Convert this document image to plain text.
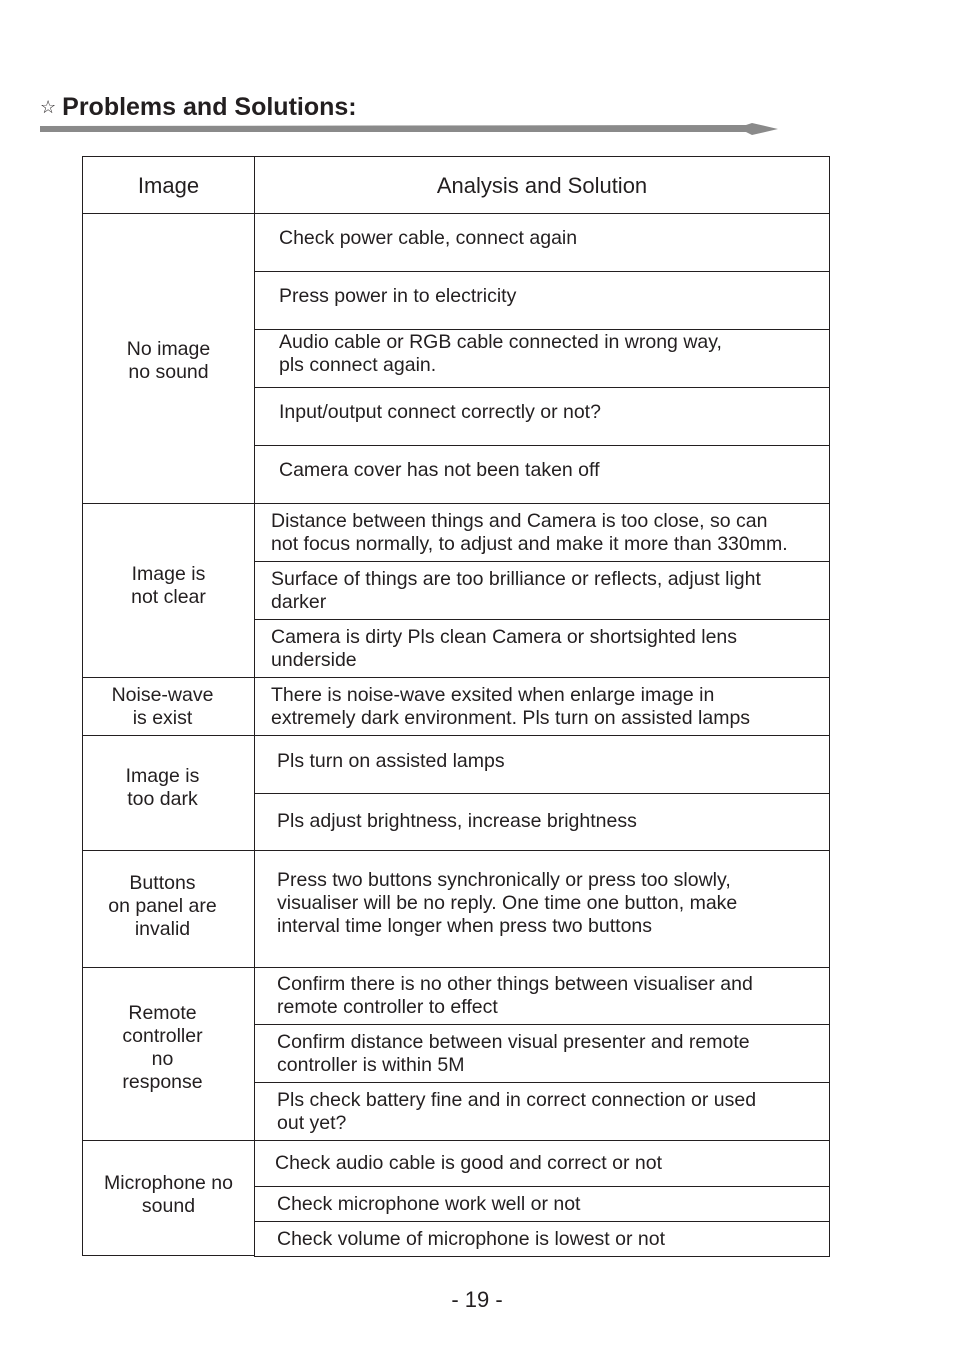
☆ Problems and Solutions:
Image	Analysis and Solution
No image
no sound
Check power cable, connect again
Press power in to electricity
Audio cable or RGB cable connected in wrong way,
pls connect again.
Input/output connect correctly or not?
Camera cover has not been taken off
Image is
not clear
Distance between things and Camera is too close, so can
not focus normally, to adjust and make it more than 330mm.
Surface of things are too brilliance or reflects, adjust light
darker
Camera is dirty Pls clean Camera or shortsighted lens
underside
Noise-wave
is exist
There is noise-wave exsited when enlarge image in
extremely dark environment. Pls turn on assisted lamps
Image is
too dark
Pls turn on assisted lamps
Pls adjust brightness, increase brightness
Buttons
on panel are
invalid
Press two buttons synchronically or press too slowly,
visualiser will be no reply. One time one button, make
interval time longer when press two buttons
Remote
controller
no
response
Confirm there is no other things between visualiser and
remote controller to effect
Confirm distance between visual presenter and remote
controller is within 5M
Pls check battery fine and in correct connection or used
out yet?
Microphone no
sound
Check audio cable is good and correct or not
Check microphone work well or not
Check volume of microphone is lowest or not
- 19 -
